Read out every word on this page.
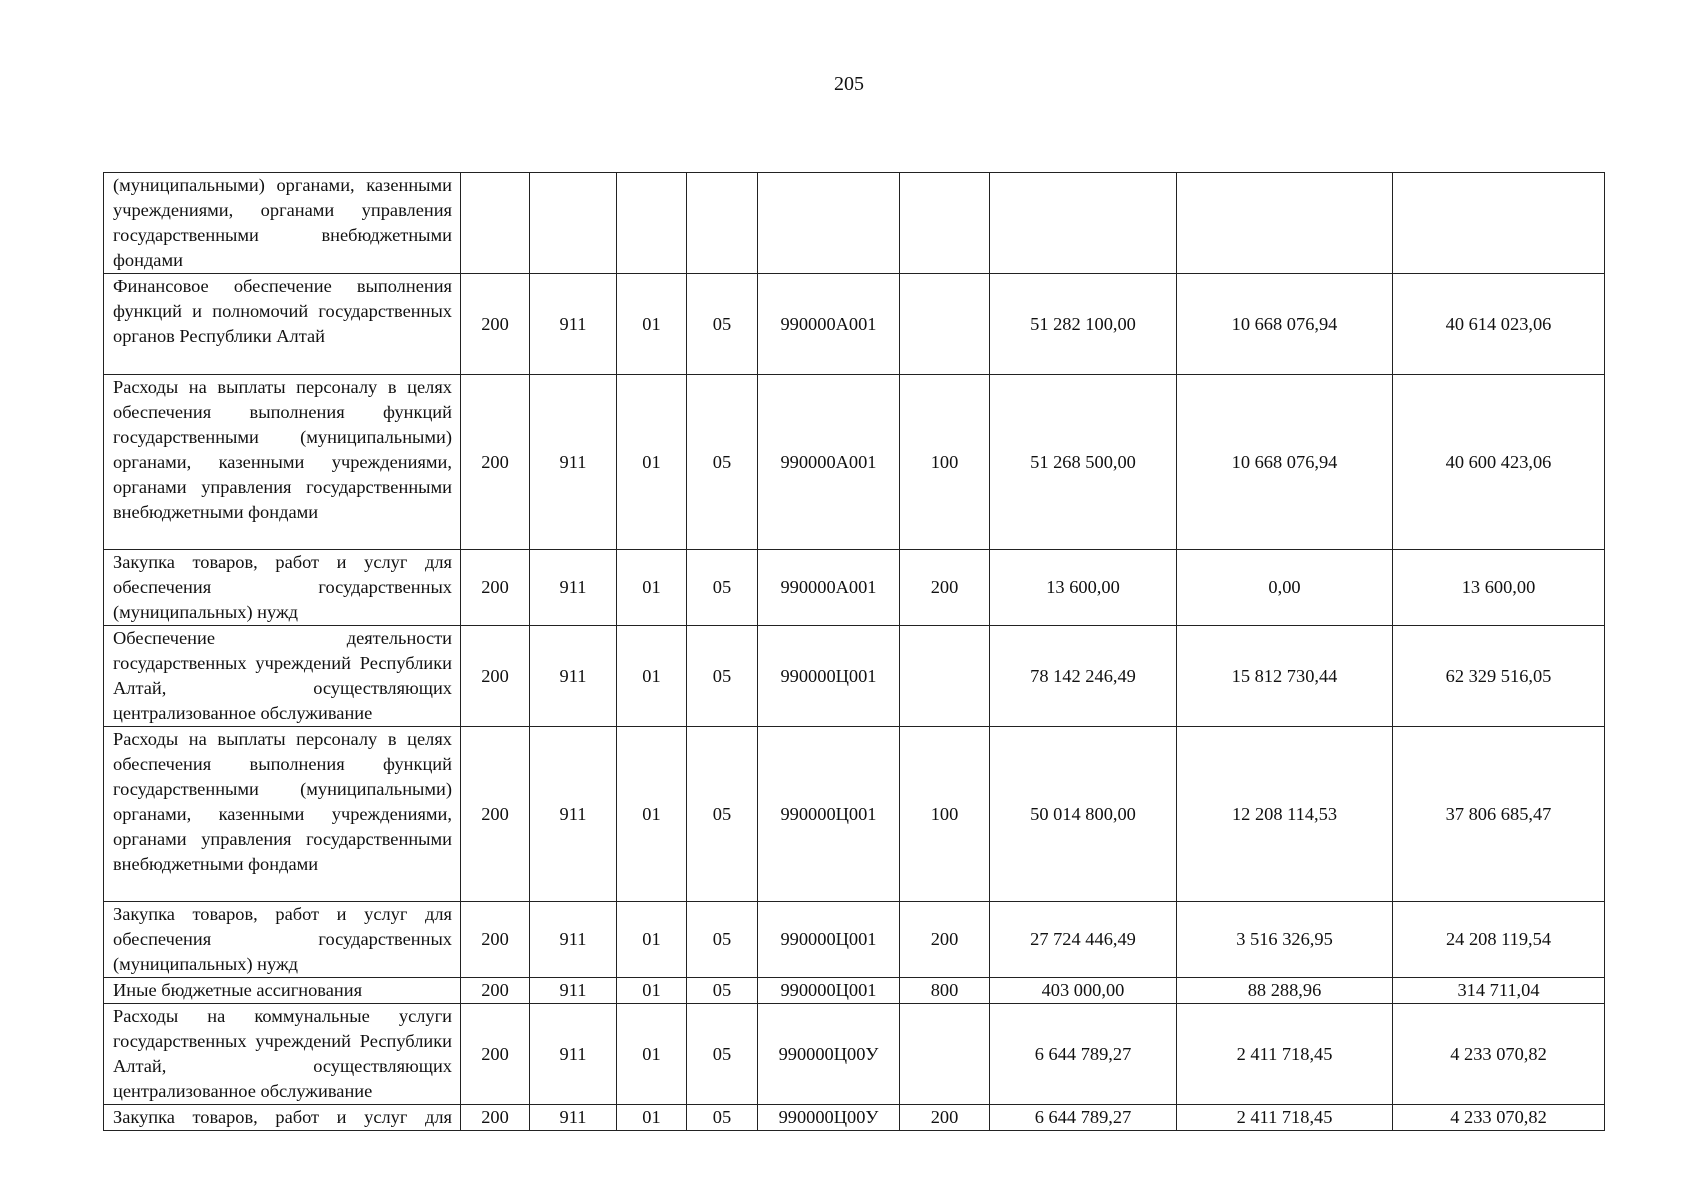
205
(муниципальными) органами, казенными учреждениями, органами управления государственными внебюджетными фондами									
Финансовое обеспечение выполнения функций и полномочий государственных органов Республики Алтай	200	911	01	05	990000А001		51 282 100,00	10 668 076,94	40 614 023,06
Расходы на выплаты персоналу в целях обеспечения выполнения функций государственными (муниципальными) органами, казенными учреждениями, органами управления государственными внебюджетными фондами	200	911	01	05	990000А001	100	51 268 500,00	10 668 076,94	40 600 423,06
Закупка товаров, работ и услуг для обеспечения государственных (муниципальных) нужд	200	911	01	05	990000А001	200	13 600,00	0,00	13 600,00
Обеспечение деятельности государственных учреждений Республики Алтай, осуществляющих централизованное обслуживание	200	911	01	05	990000Ц001		78 142 246,49	15 812 730,44	62 329 516,05
Расходы на выплаты персоналу в целях обеспечения выполнения функций государственными (муниципальными) органами, казенными учреждениями, органами управления государственными внебюджетными фондами	200	911	01	05	990000Ц001	100	50 014 800,00	12 208 114,53	37 806 685,47
Закупка товаров, работ и услуг для обеспечения государственных (муниципальных) нужд	200	911	01	05	990000Ц001	200	27 724 446,49	3 516 326,95	24 208 119,54
Иные бюджетные ассигнования	200	911	01	05	990000Ц001	800	403 000,00	88 288,96	314 711,04
Расходы на коммунальные услуги государственных учреждений Республики Алтай, осуществляющих централизованное обслуживание	200	911	01	05	990000Ц00У		6 644 789,27	2 411 718,45	4 233 070,82
Закупка товаров, работ и услуг для	200	911	01	05	990000Ц00У	200	6 644 789,27	2 411 718,45	4 233 070,82
